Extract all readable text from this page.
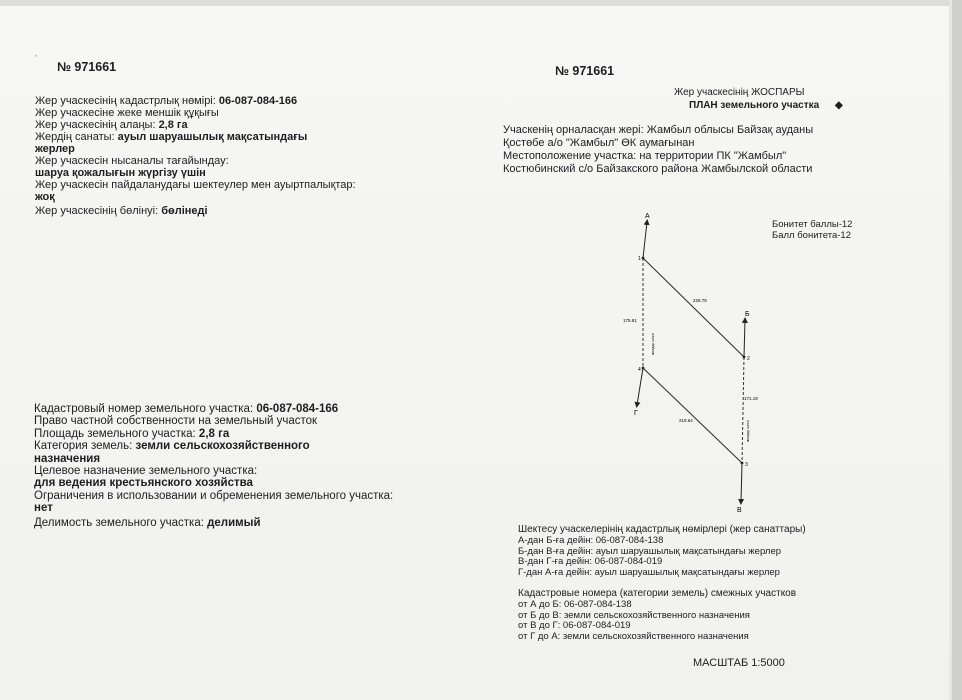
’
№ 971661
Жер учаскесінің кадастрлық нөмірі: 06-087-084-166
Жер учаскесіне жеке меншік құқығы
Жер учаскесінің алаңы: 2,8 га
Жердің санаты: ауыл шаруашылық мақсатындағы
жерлер
Жер учаскесін нысаналы тағайындау:
шаруа қожалығын жүргізу үшін
Жер учаскесін пайдаланудағы шектеулер мен ауыртпалықтар:
жоқ
Жер учаскесінің бөлінуі: бөлінеді
Кадастровый номер земельного участка: 06-087-084-166
Право частной собственности на земельный участок
Площадь земельного участка: 2,8 га
Категория земель: земли сельскохозяйственного
назначения
Целевое назначение земельного участка:
для ведения крестьянского хозяйства
Ограничения в использовании и обременения земельного участка:
нет
Делимость земельного участка: делимый
№ 971661
Жер учаскесінің ЖОСПАРЫ
ПЛАН земельного участка ◆
Учаскенің орналасқан жері: Жамбыл облысы Байзақ ауданы
Қостөбе а/о "Жамбыл" ӨК аумағынан
Местоположение участка: на территории ПК "Жамбыл"
Костюбинский с/о Байзакского района Жамбылской области
Бонитет баллы-12
Балл бонитета-12
А
Б
В
Г
1
2
3
4
228.75
171.19
219.64
175.81
жолдар шекті
жолдар шекті
Шектесу учаскелерінің кадастрлық нөмірлері (жер санаттары)
А-дан Б-ға дейін: 06-087-084-138
Б-дан В-ға дейін: ауыл шаруашылық мақсатындағы жерлер
В-дан Г-ға дейін: 06-087-084-019
Г-дан А-ға дейін: ауыл шаруашылық мақсатындағы жерлер
Кадастровые номера (категории земель) смежных участков
от А до Б: 06-087-084-138
от Б до В: земли сельскохозяйственного назначения
от В до Г: 06-087-084-019
от Г до А: земли сельскохозяйственного назначения
МАСШТАБ 1:5000
